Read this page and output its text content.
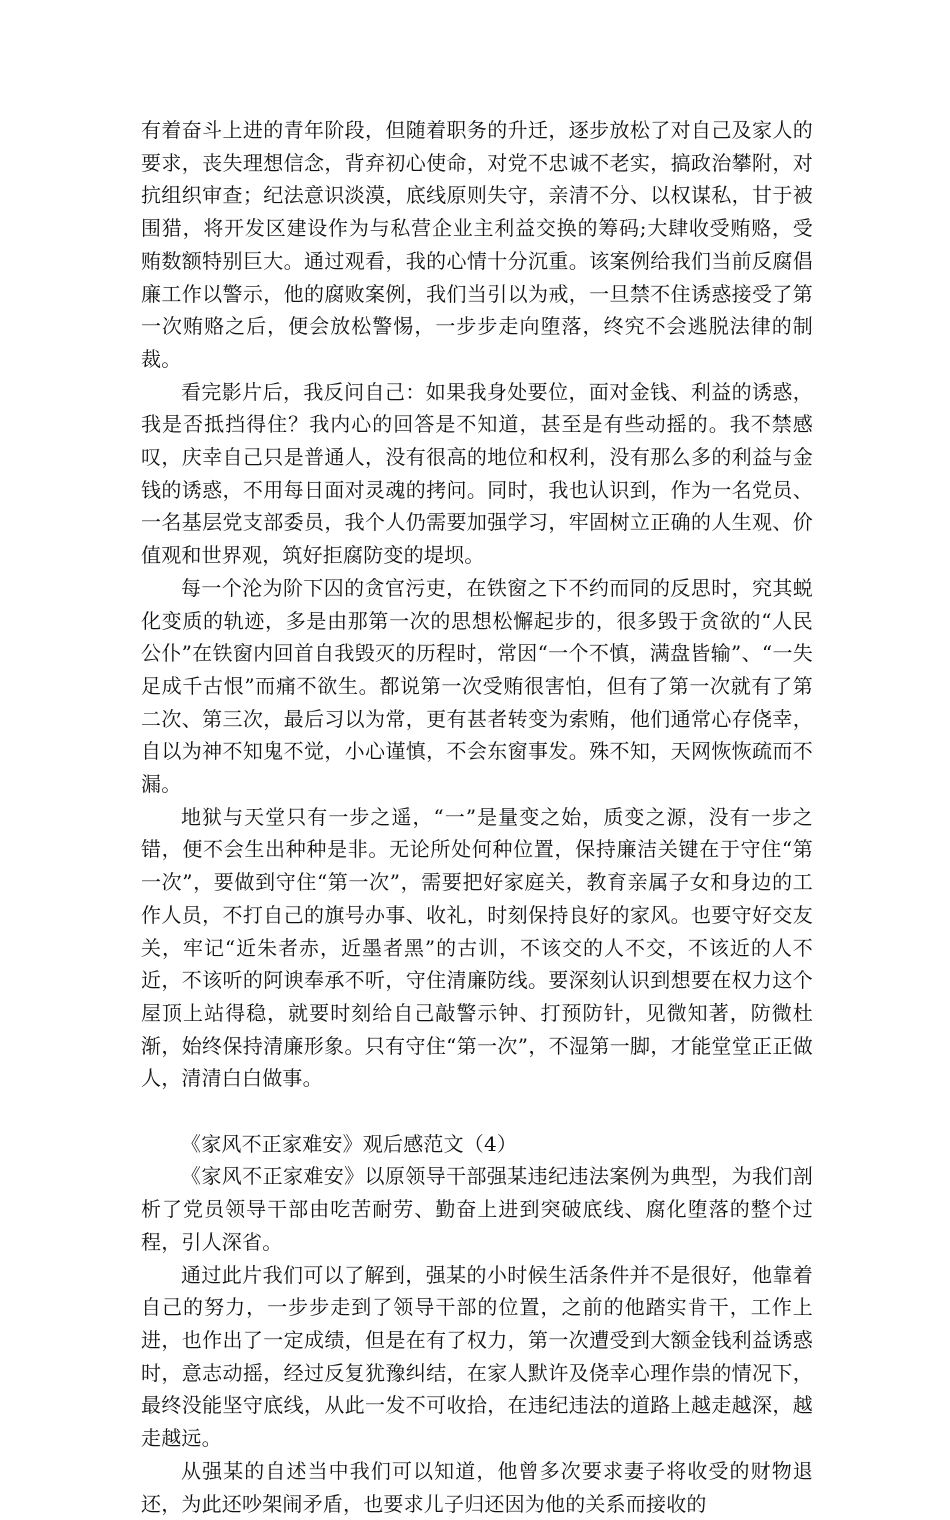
有着奋斗上进的青年阶段，但随着职务的升迁，逐步放松了对自己及家人的要求，丧失理想信念，背弃初心使命，对党不忠诚不老实，搞政治攀附，对抗组织审查；纪法意识淡漠，底线原则失守，亲清不分、以权谋私，甘于被围猎，将开发区建设作为与私营企业主利益交换的筹码;大肆收受贿赂，受贿数额特别巨大。通过观看，我的心情十分沉重。该案例给我们当前反腐倡廉工作以警示，他的腐败案例，我们当引以为戒，一旦禁不住诱惑接受了第一次贿赂之后，便会放松警惕，一步步走向堕落，终究不会逃脱法律的制裁。

看完影片后，我反问自己：如果我身处要位，面对金钱、利益的诱惑，我是否抵挡得住？我内心的回答是不知道，甚至是有些动摇的。我不禁感叹，庆幸自己只是普通人，没有很高的地位和权利，没有那么多的利益与金钱的诱惑，不用每日面对灵魂的拷问。同时，我也认识到，作为一名党员、一名基层党支部委员，我个人仍需要加强学习，牢固树立正确的人生观、价值观和世界观，筑好拒腐防变的堤坝。

每一个沦为阶下囚的贪官污吏，在铁窗之下不约而同的反思时，究其蜕化变质的轨迹，多是由那第一次的思想松懈起步的，很多毁于贪欲的“人民公仆”在铁窗内回首自我毁灭的历程时，常因“一个不慎，满盘皆输”、“一失足成千古恨”而痛不欲生。都说第一次受贿很害怕，但有了第一次就有了第二次、第三次，最后习以为常，更有甚者转变为索贿，他们通常心存侥幸，自以为神不知鬼不觉，小心谨慎，不会东窗事发。殊不知，天网恢恢疏而不漏。

地狱与天堂只有一步之遥，“一”是量变之始，质变之源，没有一步之错，便不会生出种种是非。无论所处何种位置，保持廉洁关键在于守住“第一次”，要做到守住“第一次”，需要把好家庭关，教育亲属子女和身边的工作人员，不打自己的旗号办事、收礼，时刻保持良好的家风。也要守好交友关，牢记“近朱者赤，近墨者黑”的古训，不该交的人不交，不该近的人不近，不该听的阿谀奉承不听，守住清廉防线。要深刻认识到想要在权力这个屋顶上站得稳，就要时刻给自己敲警示钟、打预防针，见微知著，防微杜渐，始终保持清廉形象。只有守住“第一次”，不湿第一脚，才能堂堂正正做人，清清白白做事。

《家风不正家难安》观后感范文（4）

《家风不正家难安》以原领导干部强某违纪违法案例为典型，为我们剖析了党员领导干部由吃苦耐劳、勤奋上进到突破底线、腐化堕落的整个过程，引人深省。

通过此片我们可以了解到，强某的小时候生活条件并不是很好，他靠着自己的努力，一步步走到了领导干部的位置，之前的他踏实肯干，工作上进，也作出了一定成绩，但是在有了权力，第一次遭受到大额金钱利益诱惑时，意志动摇，经过反复犹豫纠结，在家人默许及侥幸心理作祟的情况下，最终没能坚守底线，从此一发不可收拾，在违纪违法的道路上越走越深，越走越远。

从强某的自述当中我们可以知道，他曾多次要求妻子将收受的财物退还，为此还吵架闹矛盾，也要求儿子归还因为他的关系而接收的
